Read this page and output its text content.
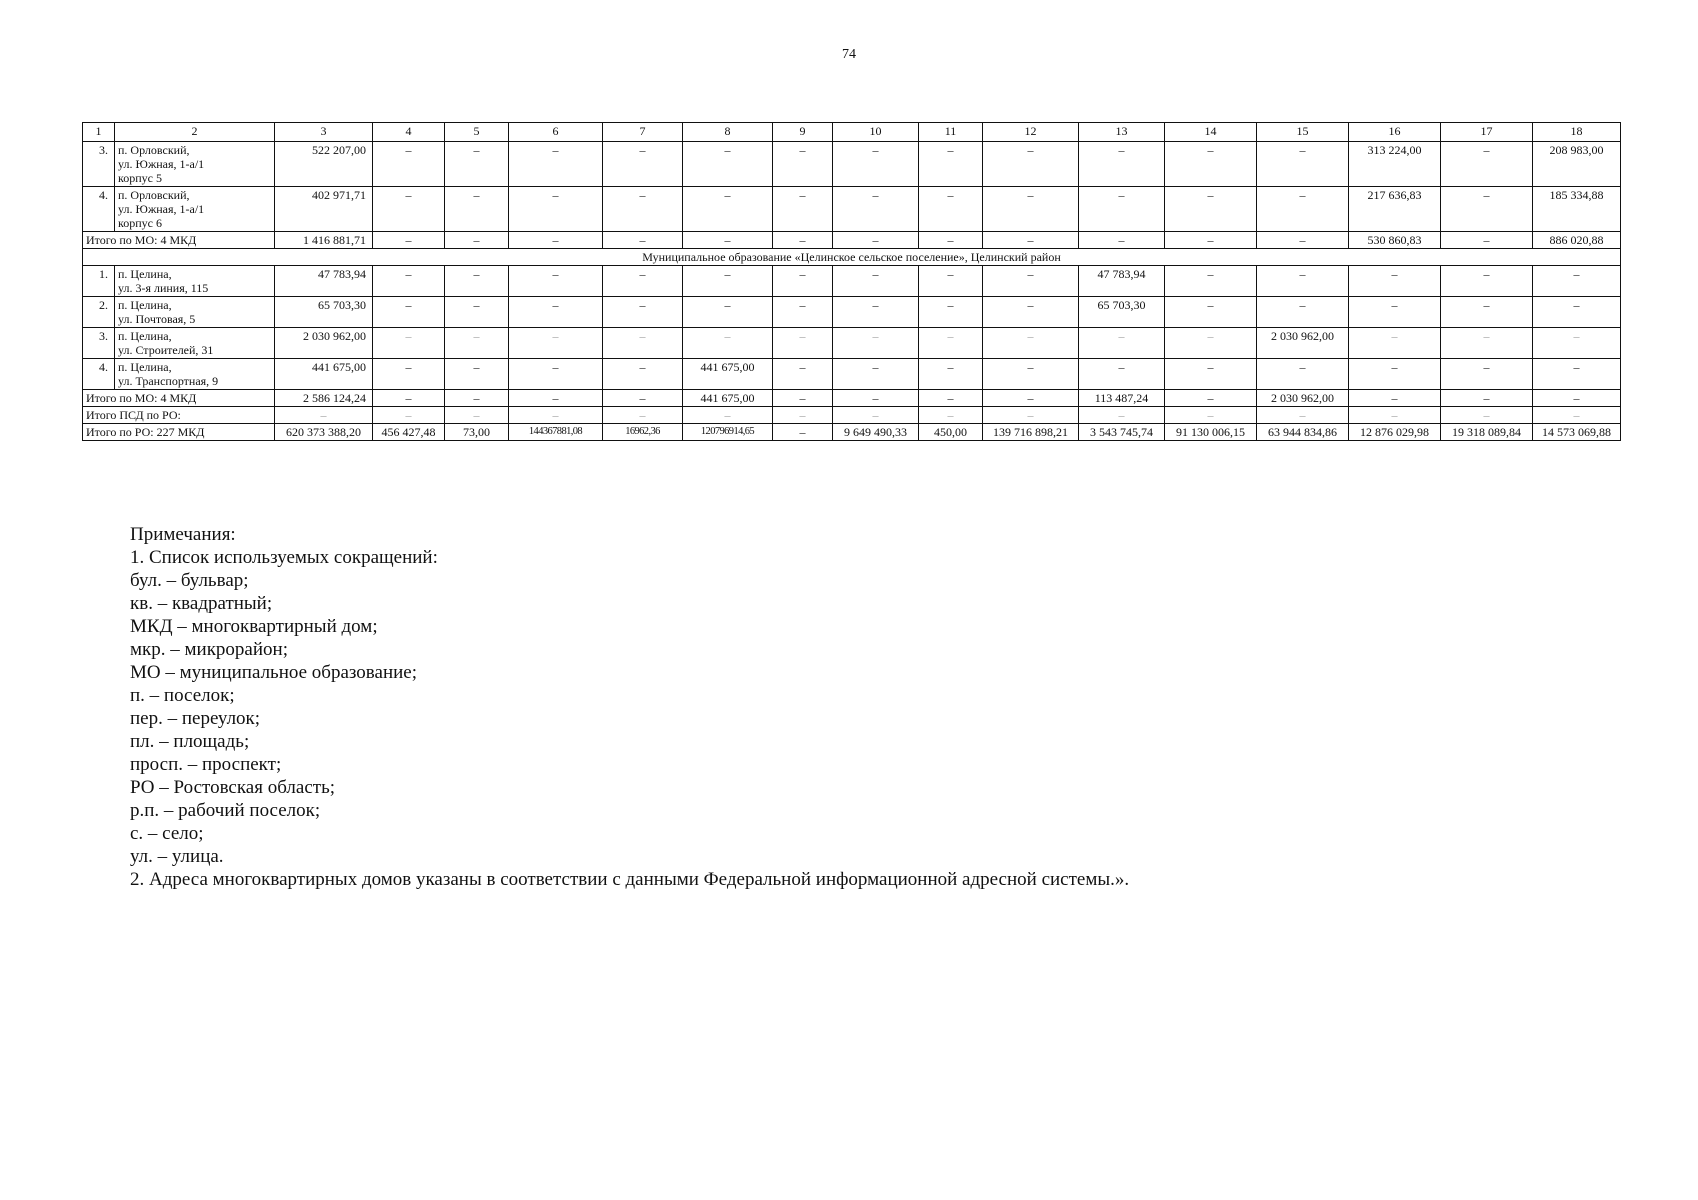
74
1	2	3	4	5	6	7	8	9	10	11	12	13	14	15	16	17	18
3.	п. Орловский,
ул. Южная, 1-а/1
корпус 5	522 207,00	–	–	–	–	–	–	–	–	–	–	–	–	313 224,00	–	208 983,00
4.	п. Орловский,
ул. Южная, 1-а/1
корпус 6	402 971,71	–	–	–	–	–	–	–	–	–	–	–	–	217 636,83	–	185 334,88
Итого по МО: 4 МКД		1 416 881,71	–	–	–	–	–	–	–	–	–	–	–	–	530 860,83	–	886 020,88
Муниципальное образование «Целинское сельское поселение», Целинский район																	
1.	п. Целина,
ул. 3-я линия, 115	47 783,94	–	–	–	–	–	–	–	–	–	47 783,94	–	–	–	–	–
2.	п. Целина,
ул. Почтовая, 5	65 703,30	–	–	–	–	–	–	–	–	–	65 703,30	–	–	–	–	–
3.	п. Целина,
ул. Строителей, 31	2 030 962,00	–	–	–	–	–	–	–	–	–	–	–	2 030 962,00	–	–	–
4.	п. Целина,
ул. Транспортная, 9	441 675,00	–	–	–	–	441 675,00	–	–	–	–	–	–	–	–	–	–
Итого по МО: 4 МКД		2 586 124,24	–	–	–	–	441 675,00	–	–	–	–	113 487,24	–	2 030 962,00	–	–	–
Итого ПСД по РО:		–	–	–	–	–	–	–	–	–	–	–	–	–	–	–	–
Итого по РО: 227 МКД		620 373 388,20	456 427,48	73,00	144367881,08	16962,36	120796914,65	–	9 649 490,33	450,00	139 716 898,21	3 543 745,74	91 130 006,15	63 944 834,86	12 876 029,98	19 318 089,84	14 573 069,88
Примечания:
1. Список используемых сокращений:
бул. – бульвар;
кв. – квадратный;
МКД – многоквартирный дом;
мкр. – микрорайон;
МО – муниципальное образование;
п. – поселок;
пер. – переулок;
пл. – площадь;
просп. – проспект;
РО – Ростовская область;
р.п. – рабочий поселок;
с. – село;
ул. – улица.
2. Адреса многоквартирных домов указаны в соответствии с данными Федеральной информационной адресной системы.».
